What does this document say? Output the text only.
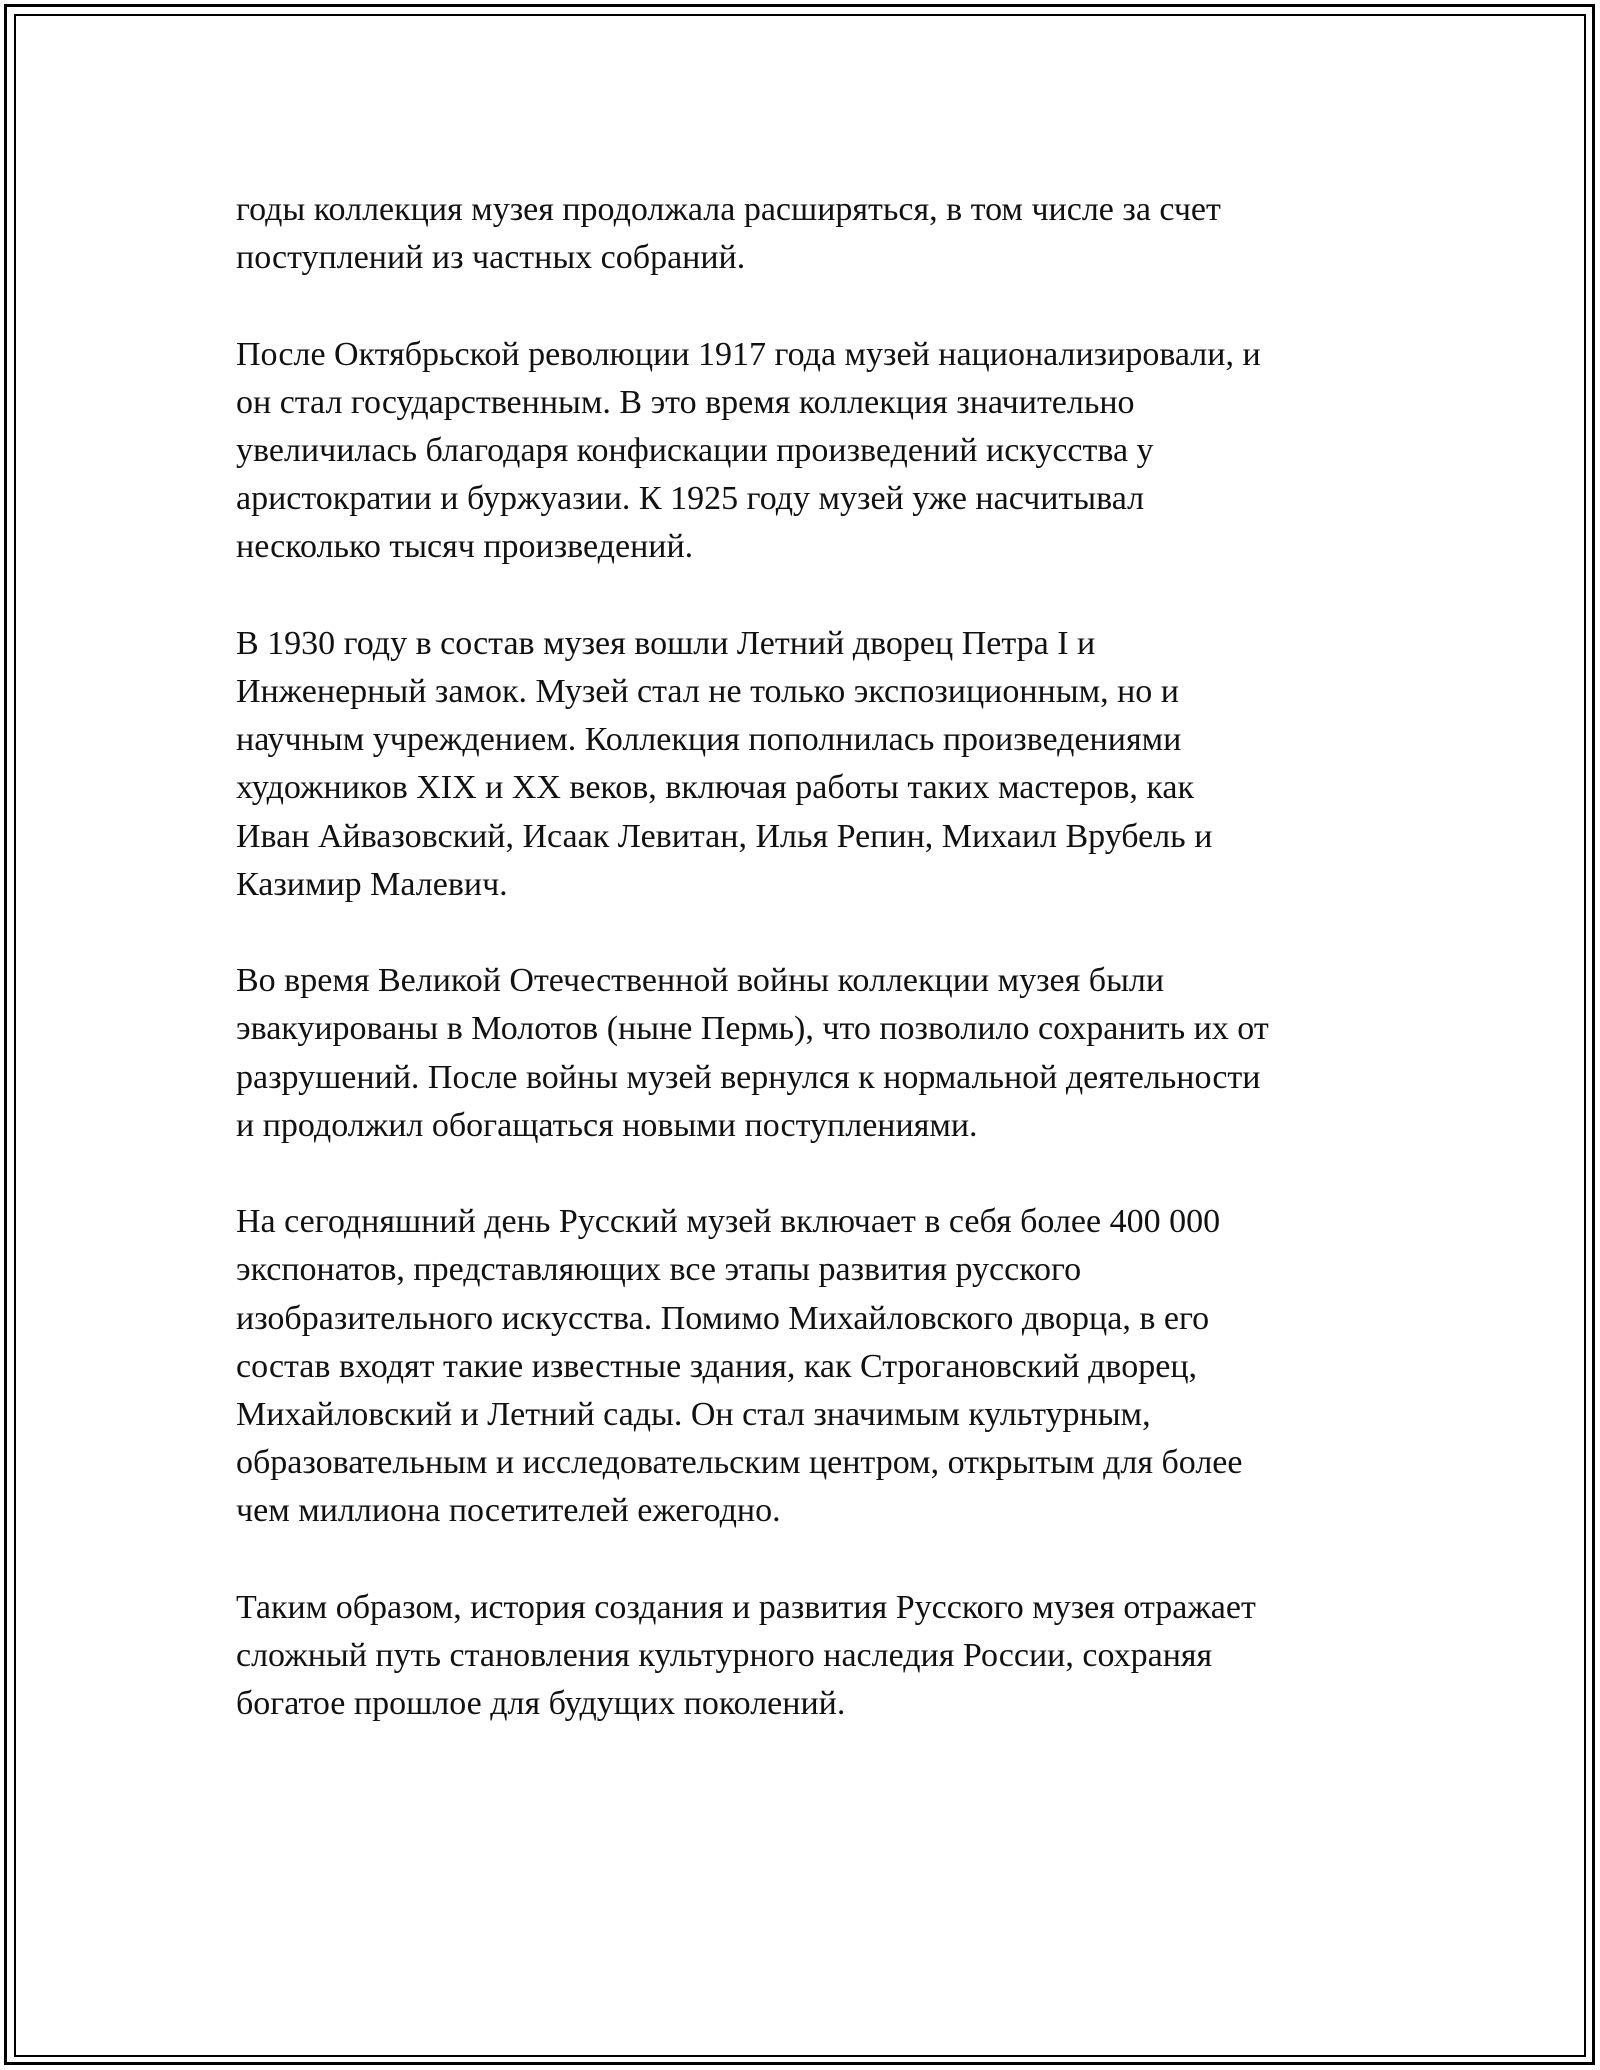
годы коллекция музея продолжала расширяться, в том числе за счет
поступлений из частных собраний.

После Октябрьской революции 1917 года музей национализировали, и
он стал государственным. В это время коллекция значительно
увеличилась благодаря конфискации произведений искусства у
аристократии и буржуазии. К 1925 году музей уже насчитывал
несколько тысяч произведений.

В 1930 году в состав музея вошли Летний дворец Петра I и
Инженерный замок. Музей стал не только экспозиционным, но и
научным учреждением. Коллекция пополнилась произведениями
художников XIX и XX веков, включая работы таких мастеров, как
Иван Айвазовский, Исаак Левитан, Илья Репин, Михаил Врубель и
Казимир Малевич.

Во время Великой Отечественной войны коллекции музея были
эвакуированы в Молотов (ныне Пермь), что позволило сохранить их от
разрушений. После войны музей вернулся к нормальной деятельности
и продолжил обогащаться новыми поступлениями.

На сегодняшний день Русский музей включает в себя более 400 000
экспонатов, представляющих все этапы развития русского
изобразительного искусства. Помимо Михайловского дворца, в его
состав входят такие известные здания, как Строгановский дворец,
Михайловский и Летний сады. Он стал значимым культурным,
образовательным и исследовательским центром, открытым для более
чем миллиона посетителей ежегодно.

Таким образом, история создания и развития Русского музея отражает
сложный путь становления культурного наследия России, сохраняя
богатое прошлое для будущих поколений.
